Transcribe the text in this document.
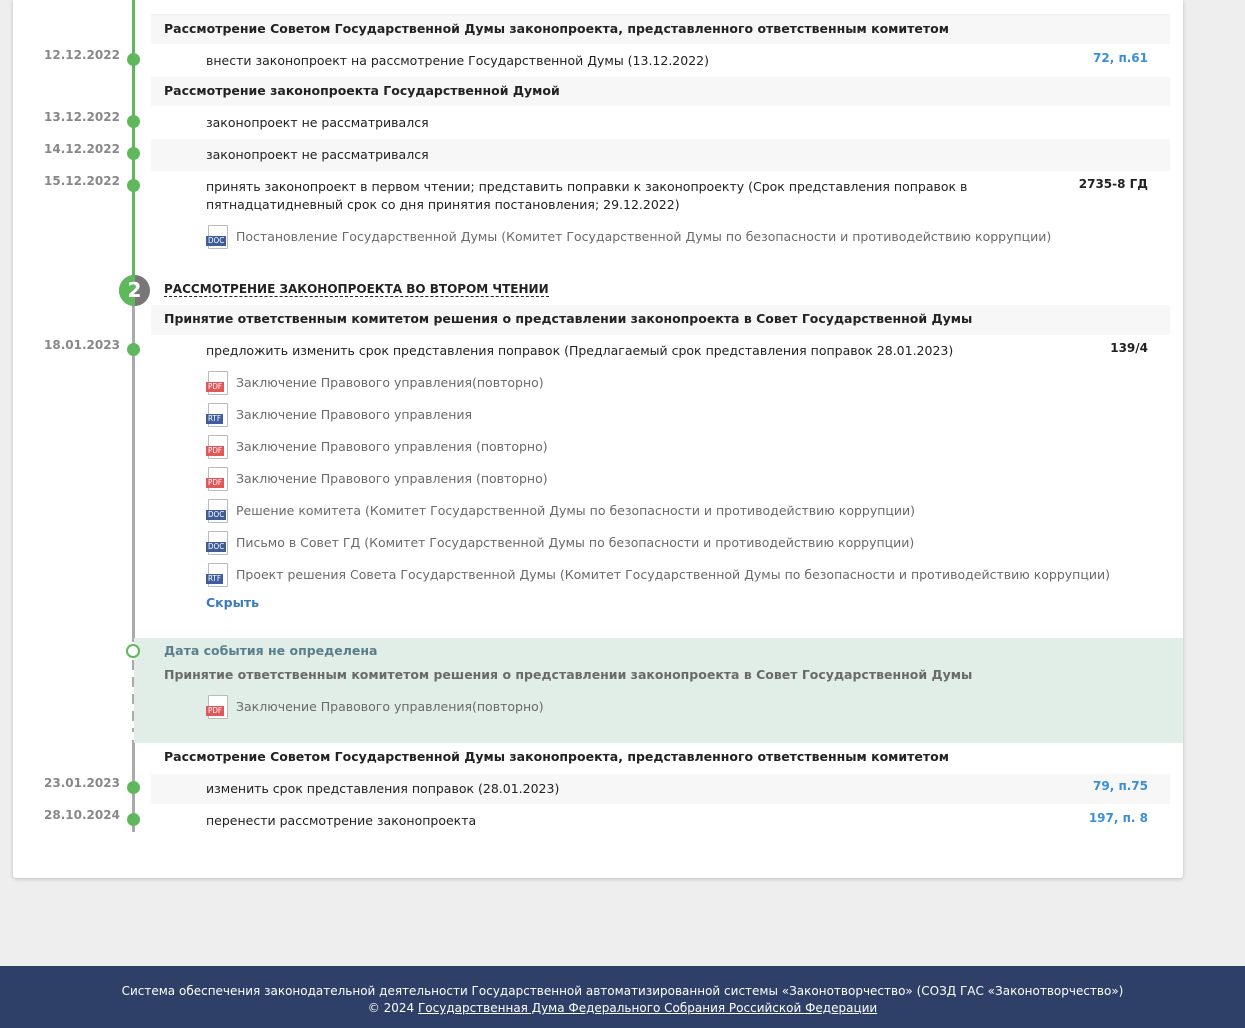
Рассмотрение Советом Государственной Думы законопроекта, представленного ответственным комитетом
12.12.2022	внести законопроект на рассмотрение Государственной Думы (13.12.2022)	72, п.61
Рассмотрение законопроекта Государственной Думой
13.12.2022	законопроект не рассматривался
14.12.2022	законопроект не рассматривался
15.12.2022	принять законопроект в первом чтении; представить поправки к законопроекту (Срок представления поправок в
пятнадцатидневный срок со дня принятия постановления; 29.12.2022)
2735-8 ГД
DOC Постановление Государственной Думы (Комитет Государственной Думы по безопасности и противодействию коррупции)
2	РАССМОТРЕНИЕ ЗАКОНОПРОЕКТА ВО ВТОРОМ ЧТЕНИИ
Принятие ответственным комитетом решения о представлении законопроекта в Совет Государственной Думы
18.01.2023	предложить изменить срок представления поправок (Предлагаемый срок представления поправок 28.01.2023)	139/4
PDF Заключение Правового управления(повторно)
RTF Заключение Правового управления
PDF Заключение Правового управления (повторно)
PDF Заключение Правового управления (повторно)
DOC Решение комитета (Комитет Государственной Думы по безопасности и противодействию коррупции)
DOC Письмо в Совет ГД (Комитет Государственной Думы по безопасности и противодействию коррупции)
RTF Проект решения Совета Государственной Думы (Комитет Государственной Думы по безопасности и противодействию коррупции)
Скрыть
Дата события не определена
Принятие ответственным комитетом решения о представлении законопроекта в Совет Государственной Думы
PDF Заключение Правового управления(повторно)
Рассмотрение Советом Государственной Думы законопроекта, представленного ответственным комитетом
23.01.2023	изменить срок представления поправок (28.01.2023)	79, п.75
28.10.2024	перенести рассмотрение законопроекта	197, п. 8
Система обеспечения законодательной деятельности Государственной автоматизированной системы «Законотворчество» (СОЗД ГАС «Законотворчество»)
© 2024 Государственная Дума Федерального Собрания Российской Федерации
